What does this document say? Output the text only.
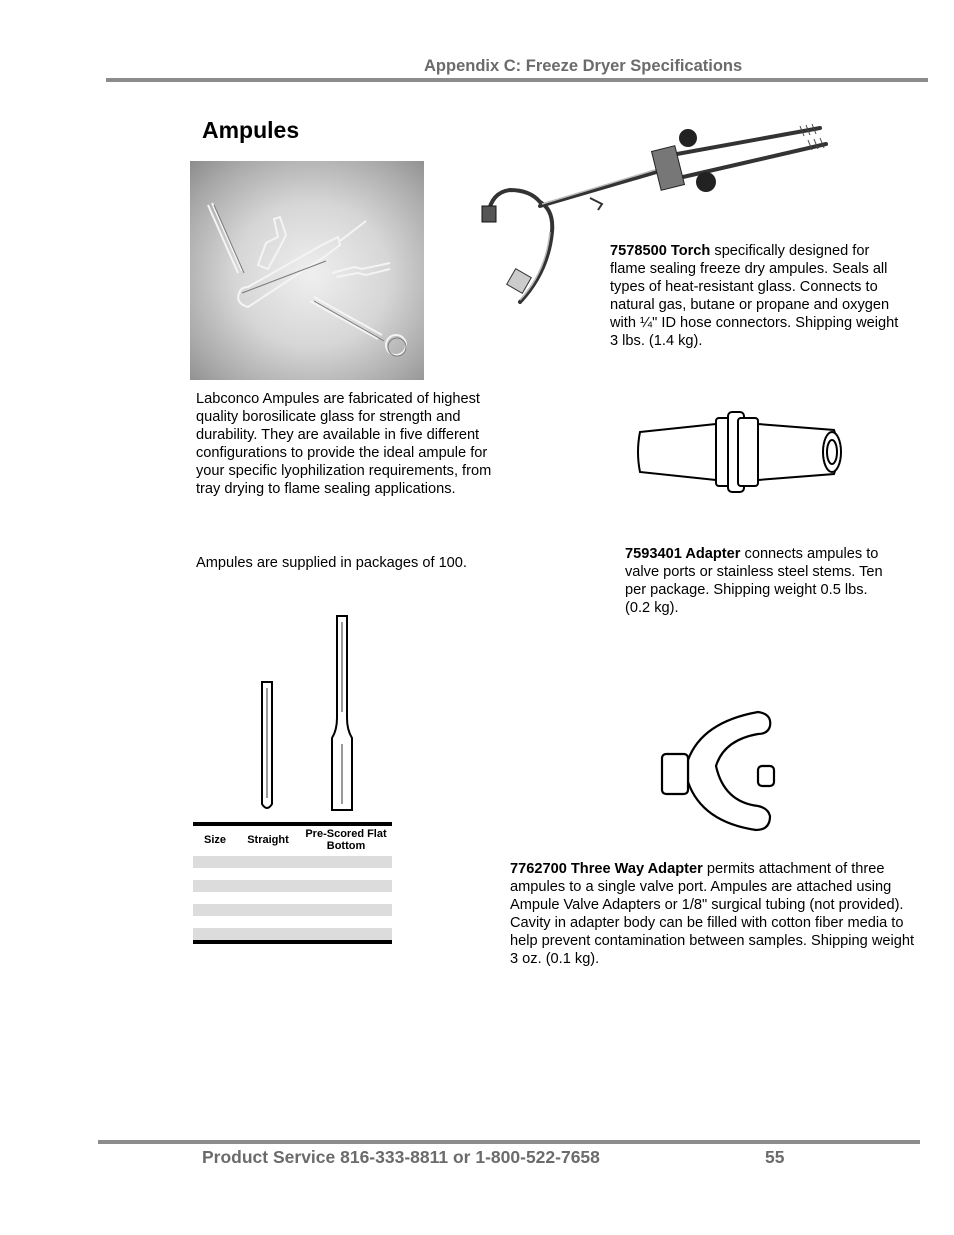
Appendix C: Freeze Dryer Specifications
Ampules
Labconco Ampules are fabricated of highest quality borosilicate glass for strength and durability. They are available in five different configurations to provide the ideal ampule for your specific lyophilization requirements, from tray drying to flame sealing applications.
Ampules are supplied in packages of 100.
Size	Straight	Pre-Scored Flat Bottom
7578500 Torch specifically designed for flame sealing freeze dry ampules. Seals all types of heat-resistant glass. Connects to natural gas, butane or propane and oxygen with ¼" ID hose connectors. Shipping weight 3 lbs. (1.4 kg).
7593401 Adapter connects ampules to valve ports or stainless steel stems. Ten per package. Shipping weight 0.5 lbs. (0.2 kg).
7762700 Three Way Adapter permits attachment of three ampules to a single valve port. Ampules are attached using Ampule Valve Adapters or 1/8" surgical tubing (not provided). Cavity in adapter body can be filled with cotton fiber media to help prevent contamination between samples. Shipping weight 3 oz. (0.1 kg).
Product Service 816-333-8811 or 1-800-522-7658	55
